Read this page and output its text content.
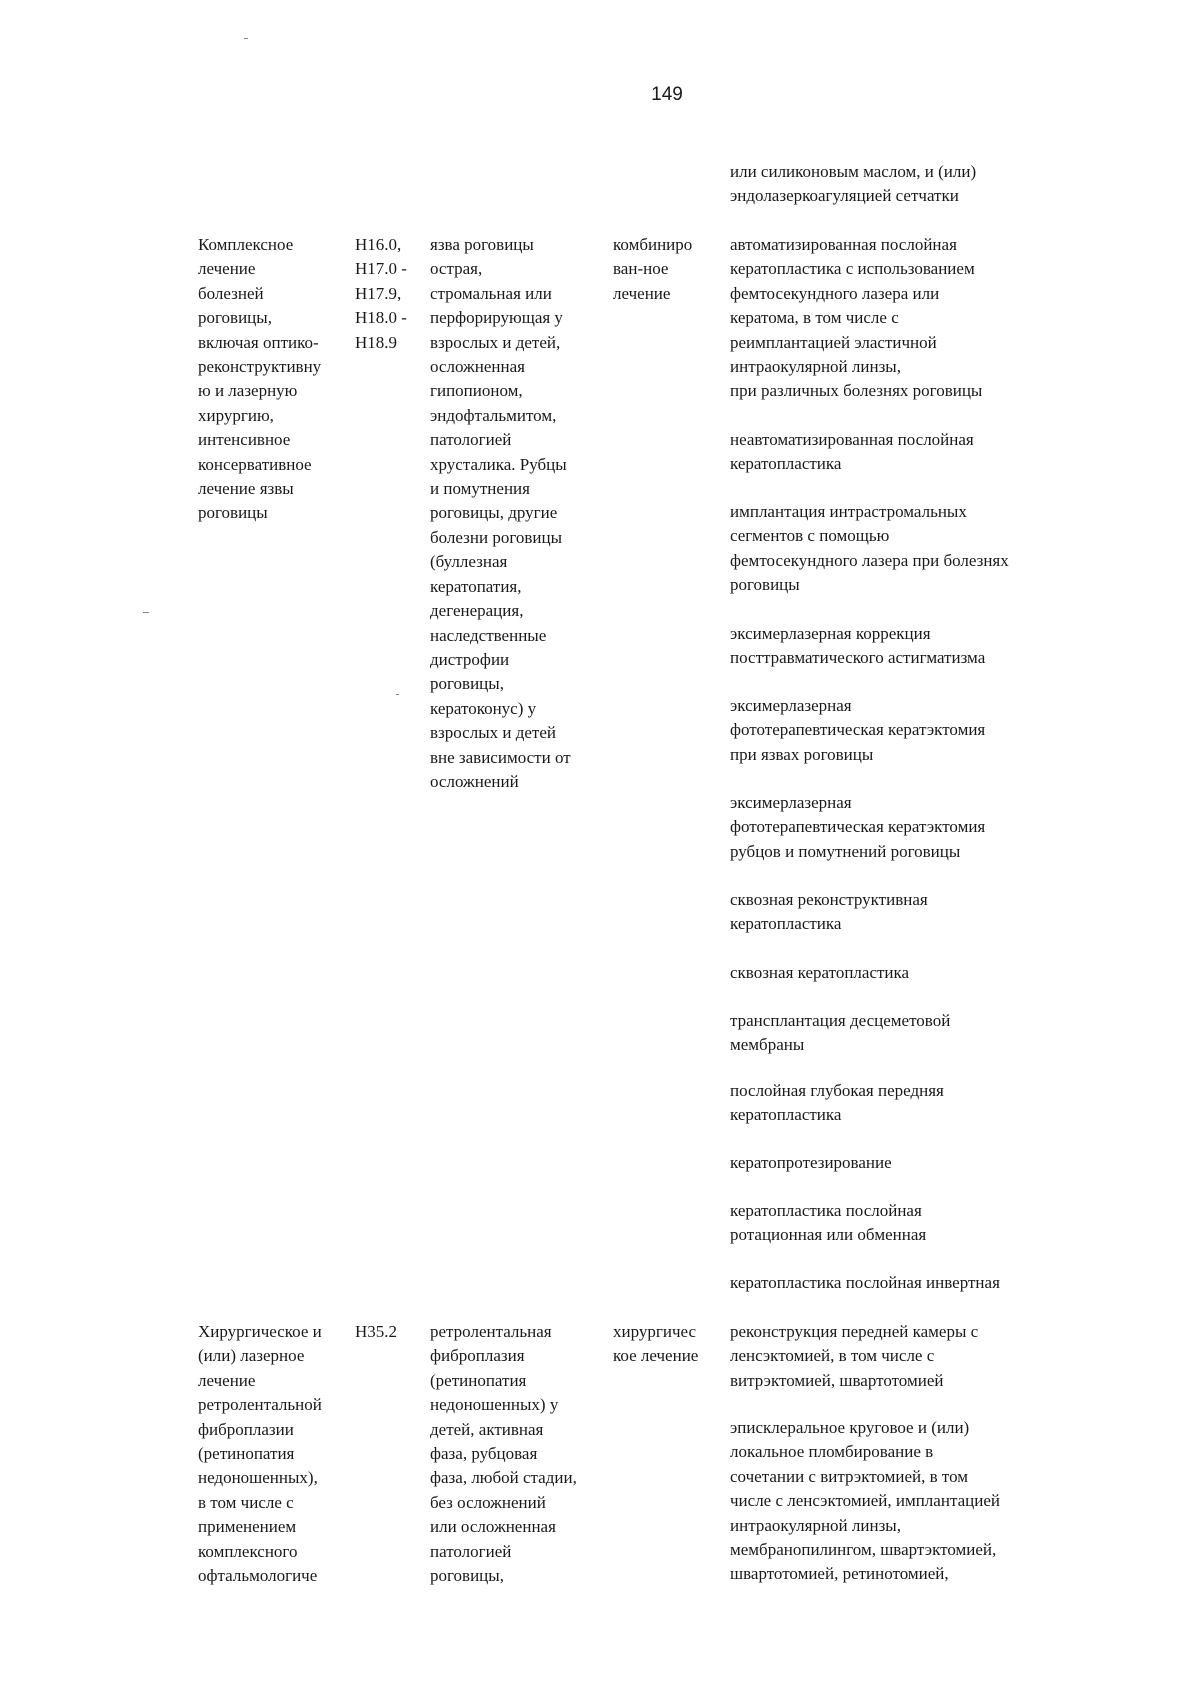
149
или силиконовым маслом, и (или)
эндолазеркоагуляцией сетчатки
Комплексное
лечение
болезней
роговицы,
включая оптико-
реконструктивну
ю и лазерную
хирургию,
интенсивное
консервативное
лечение язвы
роговицы
H16.0,
H17.0 -
H17.9,
H18.0 -
H18.9
язва роговицы
острая,
стромальная или
перфорирующая у
взрослых и детей,
осложненная
гипопионом,
эндофтальмитом,
патологией
хрусталика. Рубцы
и помутнения
роговицы, другие
болезни роговицы
(буллезная
кератопатия,
дегенерация,
наследственные
дистрофии
роговицы,
кератоконус) у
взрослых и детей
вне зависимости от
осложнений
комбиниро
ван-ное
лечение
автоматизированная послойная
кератопластика с использованием
фемтосекундного лазера или
кератома, в том числе с
реимплантацией эластичной
интраокулярной линзы,
при различных болезнях роговицы
неавтоматизированная послойная
кератопластика
имплантация интрастромальных
сегментов с помощью
фемтосекундного лазера при болезнях
роговицы
эксимерлазерная коррекция
посттравматического астигматизма
эксимерлазерная
фототерапевтическая кератэктомия
при язвах роговицы
эксимерлазерная
фототерапевтическая кератэктомия
рубцов и помутнений роговицы
сквозная реконструктивная
кератопластика
сквозная кератопластика
трансплантация десцеметовой
мембраны
послойная глубокая передняя
кератопластика
кератопротезирование
кератопластика послойная
ротационная или обменная
кератопластика послойная инвертная
Хирургическое и
(или) лазерное
лечение
ретролентальной
фиброплазии
(ретинопатия
недоношенных),
в том числе с
применением
комплексного
офтальмологиче
H35.2	ретролентальная
фиброплазия
(ретинопатия
недоношенных) у
детей, активная
фаза, рубцовая
фаза, любой стадии,
без осложнений
или осложненная
патологией
роговицы,
хирургичес
кое лечение
реконструкция передней камеры с
ленсэктомией, в том числе с
витрэктомией, швартотомией
эписклеральное круговое и (или)
локальное пломбирование в
сочетании с витрэктомией, в том
числе с ленсэктомией, имплантацией
интраокулярной линзы,
мембранопилингом, швартэктомией,
швартотомией, ретинотомией,
